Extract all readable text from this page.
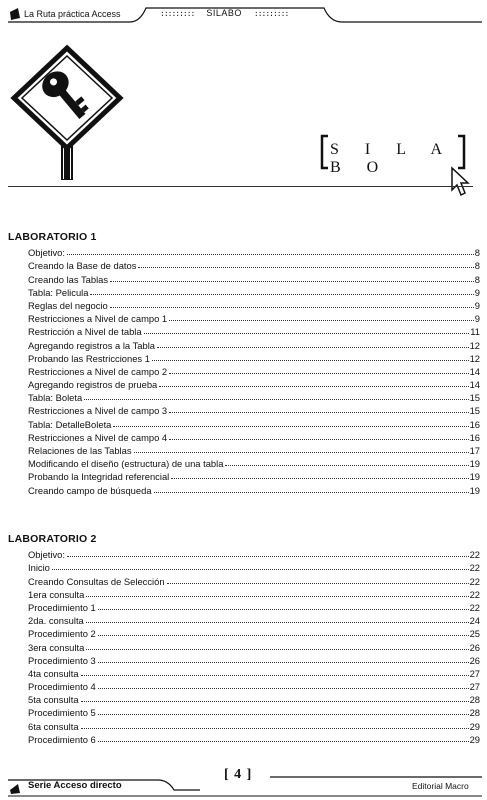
La Ruta práctica Access	::::::::: SILABO :::::::::
S I L A B O
LABORATORIO 1
Objetivo:	8
Creando la Base de datos	8
Creando las Tablas	8
Tabla: Pelicula	9
Reglas del negocio	9
Restricciones a Nivel de campo 1	9
Restricción a Nivel de tabla	11
Agregando registros a la Tabla	12
Probando las Restricciones 1	12
Restricciones a Nivel de campo 2	14
Agregando registros de prueba	14
Tabla: Boleta	15
Restricciones a Nivel de campo 3	15
Tabla: DetalleBoleta	16
Restricciones a Nivel de campo 4	16
Relaciones de las Tablas	17
Modificando el diseño (estructura) de una tabla	19
Probando la Integridad referencial	19
Creando campo de búsqueda	19
LABORATORIO 2
Objetivo:	22
Inicio	22
Creando Consultas de Selección	22
1era consulta	22
Procedimiento 1	22
2da. consulta	24
Procedimiento 2	25
3era consulta	26
Procedimiento 3	26
4ta consulta	27
Procedimiento 4	27
5ta consulta	28
Procedimiento 5	28
6ta consulta	29
Procedimiento 6	29
Serie Acceso directo
[ 4 ]
Editorial Macro
